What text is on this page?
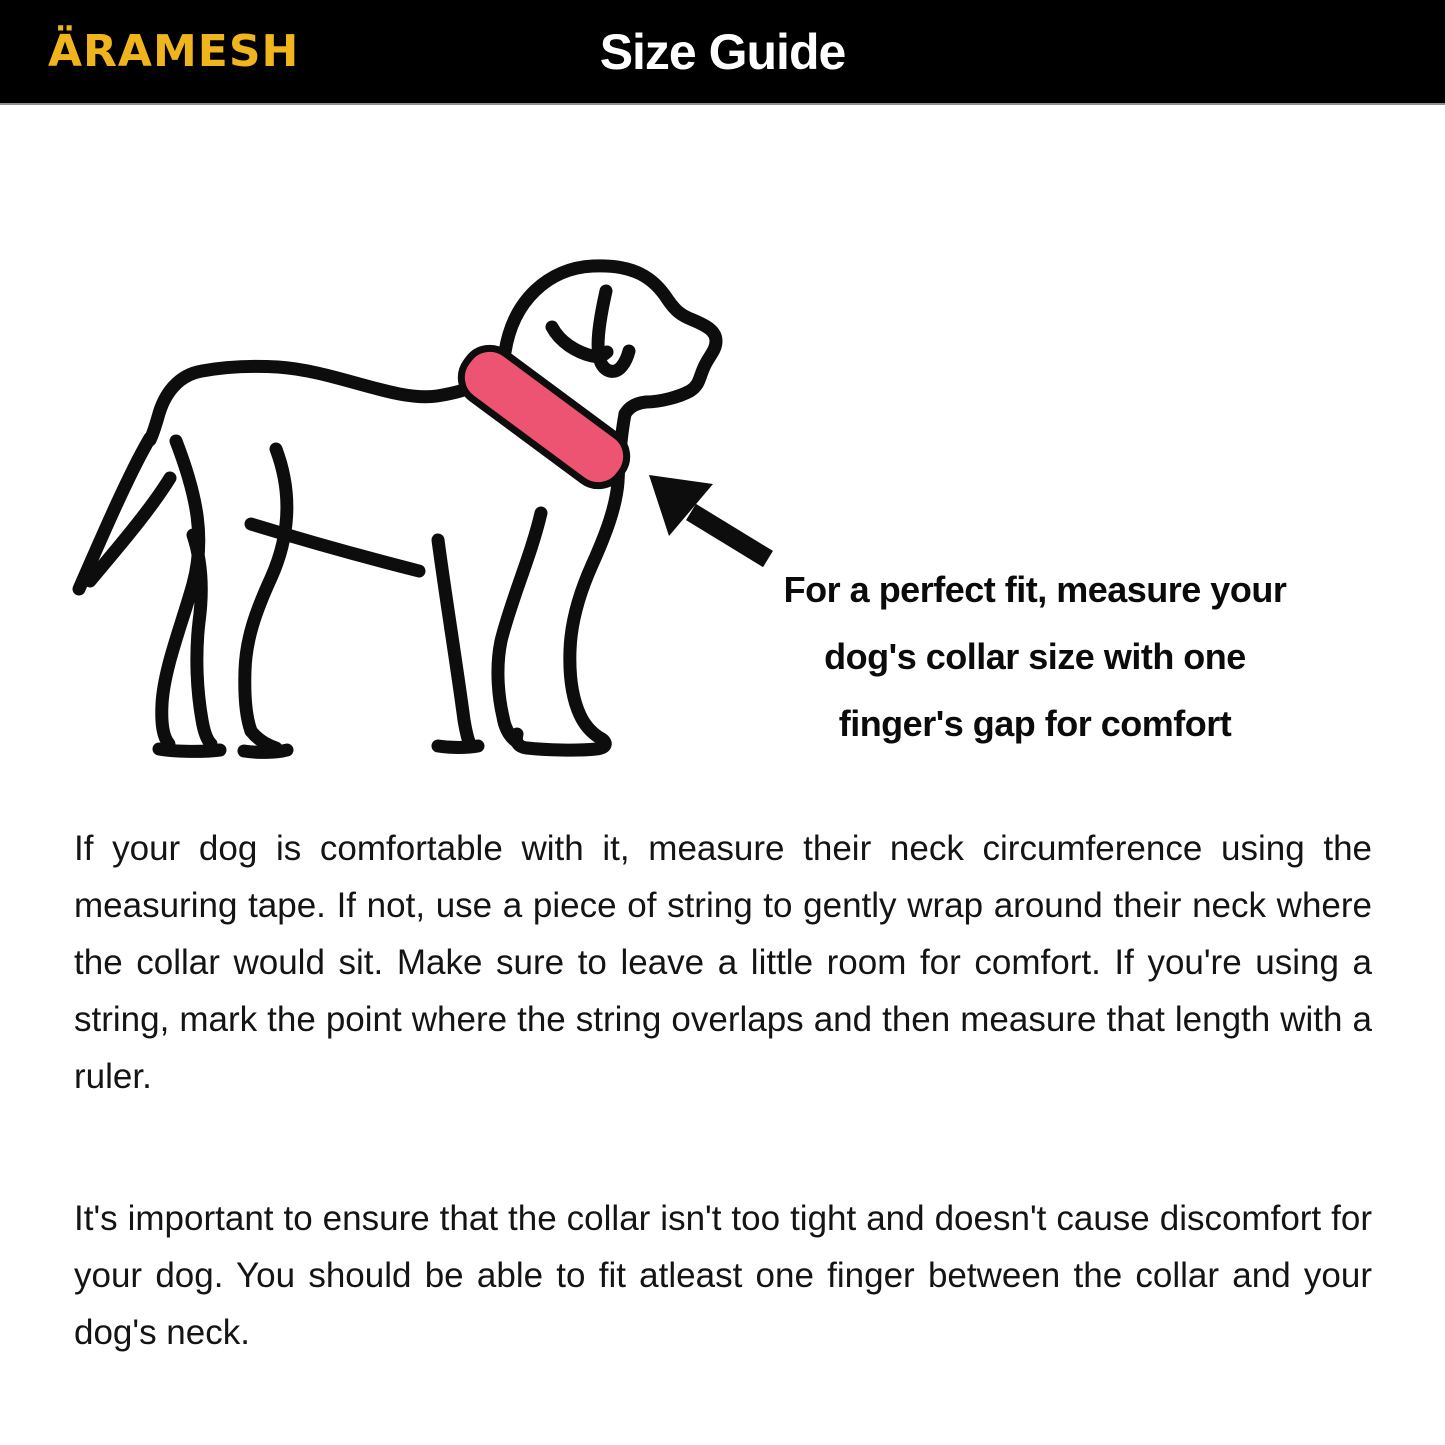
ÄRAMESH	Size Guide
For a perfect fit, measure your
dog's collar size with one
finger's gap for comfort

If your dog is comfortable with it, measure their neck circumference using the measuring tape. If not, use a piece of string to gently wrap around their neck where the collar would sit. Make sure to leave a little room for comfort. If you're using a string, mark the point where the string overlaps and then measure that length with a ruler.

It's important to ensure that the collar isn't too tight and doesn't cause discomfort for your dog. You should be able to fit atleast one finger between the collar and your dog's neck.
